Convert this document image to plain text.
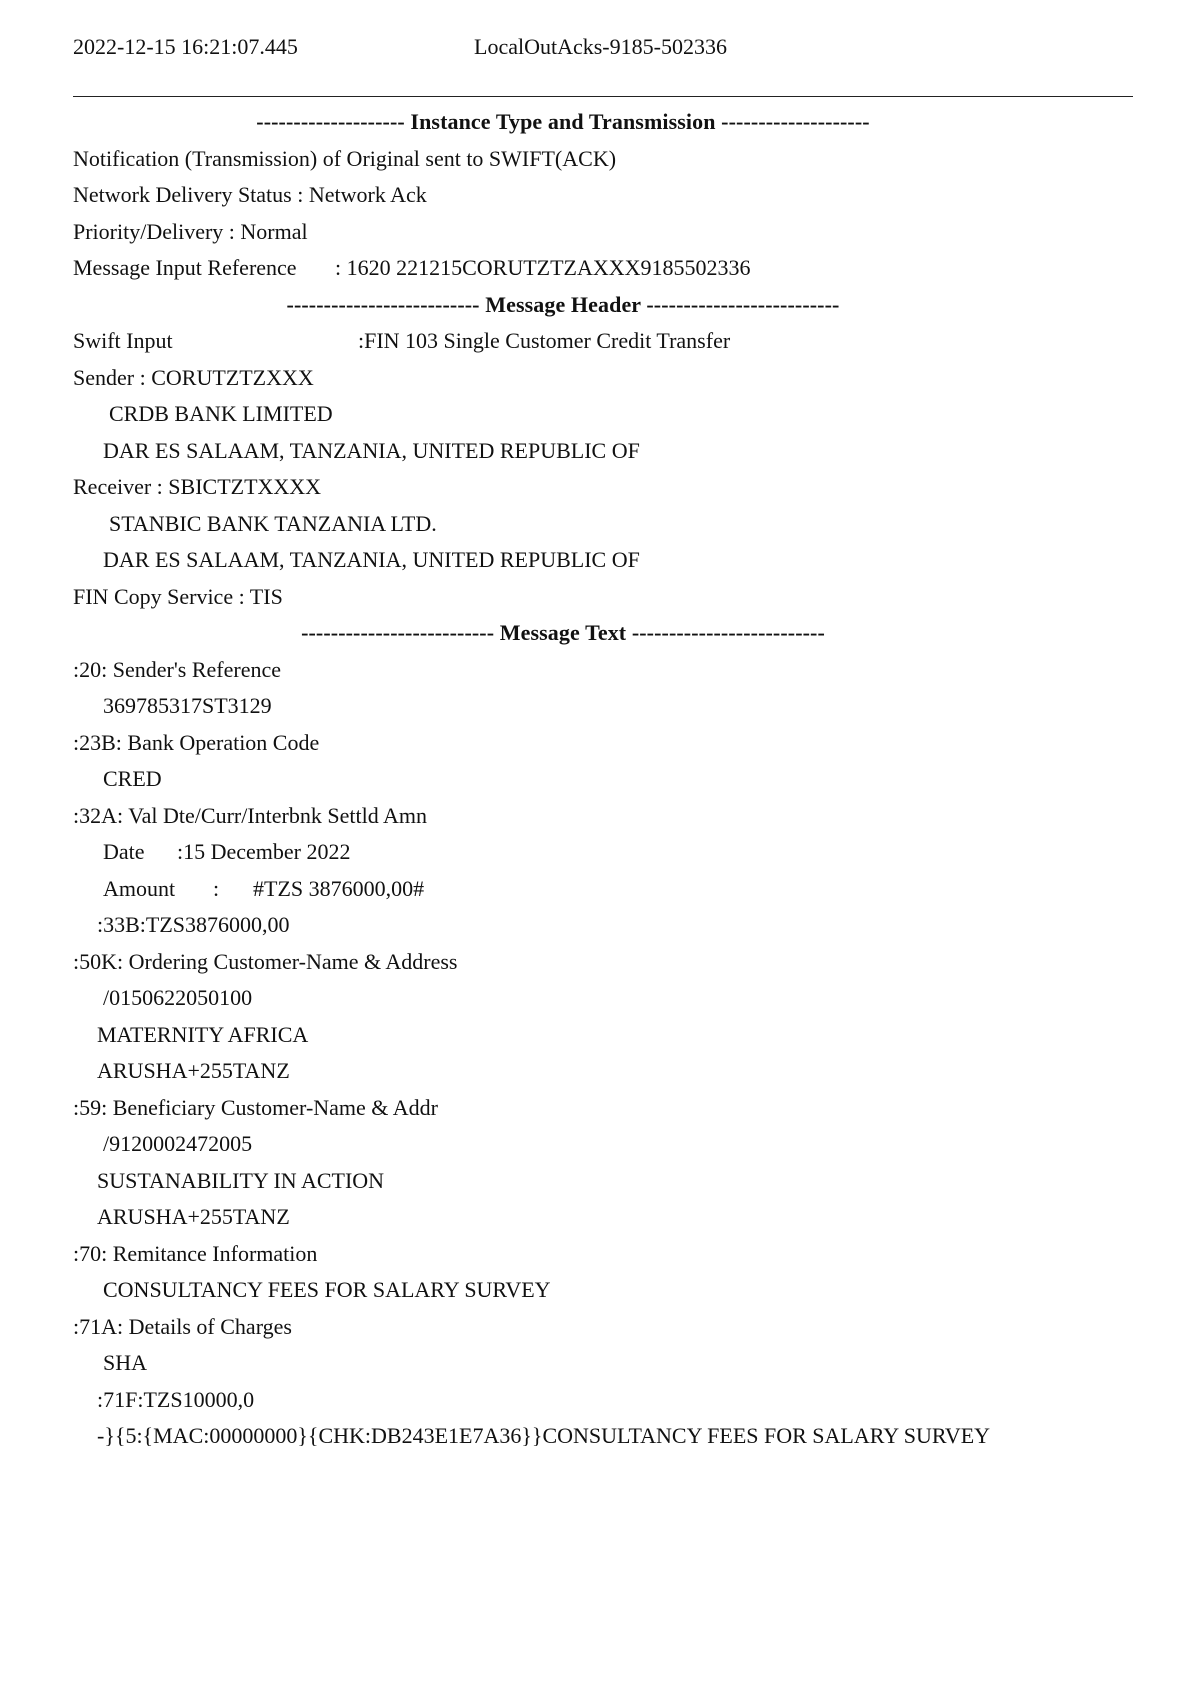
2022-12-15 16:21:07.445	LocalOutAcks-9185-502336
-------------------- Instance Type and Transmission --------------------
Notification (Transmission) of Original sent to SWIFT(ACK)
Network Delivery Status : Network Ack
Priority/Delivery : Normal
Message Input Reference : 1620 221215CORUTZTZAXXX9185502336
-------------------------- Message Header --------------------------
Swift Input	:FIN 103 Single Customer Credit Transfer
Sender : CORUTZTZXXX
CRDB BANK LIMITED
DAR ES SALAAM, TANZANIA, UNITED REPUBLIC OF
Receiver : SBICTZTXXXX
STANBIC BANK TANZANIA LTD.
DAR ES SALAAM, TANZANIA, UNITED REPUBLIC OF
FIN Copy Service : TIS
-------------------------- Message Text --------------------------
:20: Sender's Reference
369785317ST3129
:23B: Bank Operation Code
CRED
:32A: Val Dte/Curr/Interbnk Settld Amn
Date :15 December 2022
Amount : #TZS 3876000,00#
:33B:TZS3876000,00
:50K: Ordering Customer-Name & Address
/0150622050100
MATERNITY AFRICA
ARUSHA+255TANZ
:59: Beneficiary Customer-Name & Addr
/9120002472005
SUSTANABILITY IN ACTION
ARUSHA+255TANZ
:70: Remitance Information
CONSULTANCY FEES FOR SALARY SURVEY
:71A: Details of Charges
SHA
:71F:TZS10000,0
-}{5:{MAC:00000000}{CHK:DB243E1E7A36}}CONSULTANCY FEES FOR SALARY SURVEY
